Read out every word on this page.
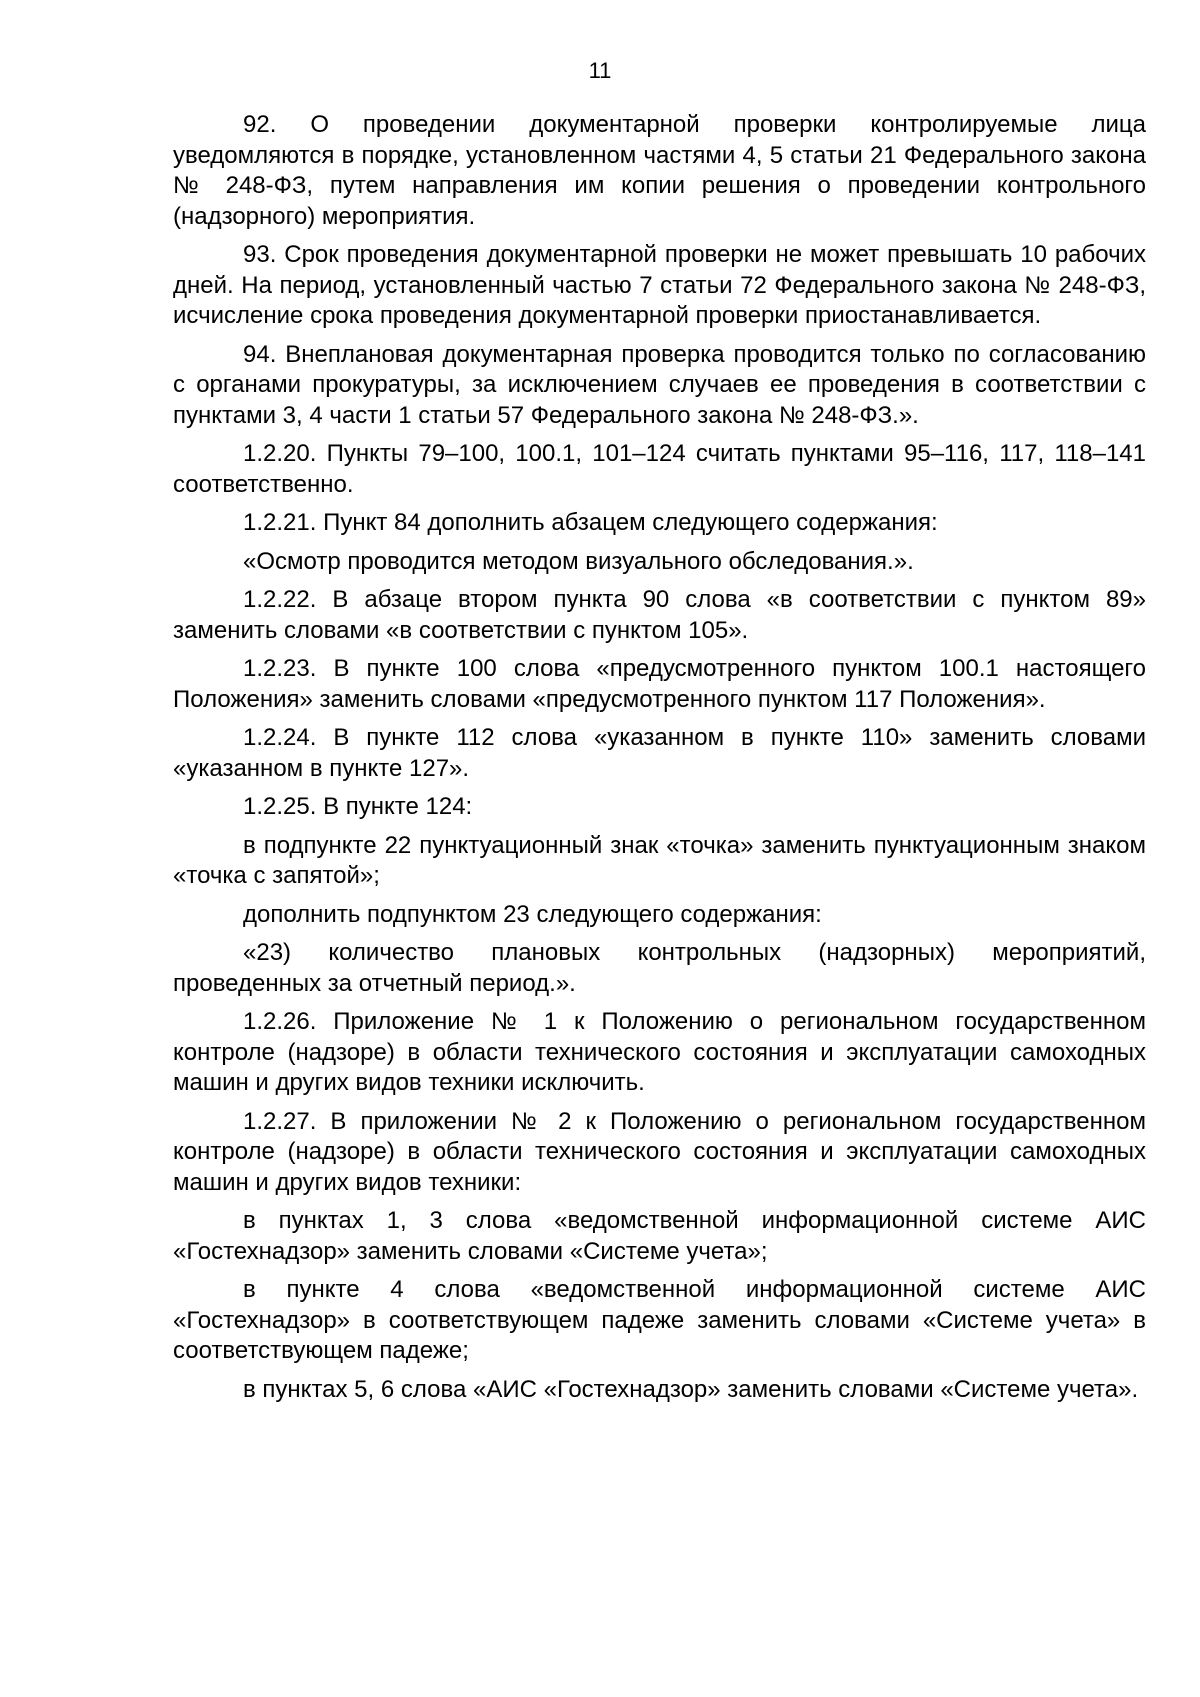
11

92. О проведении документарной проверки контролируемые лица уведомляются в порядке, установленном частями 4, 5 статьи 21 Федерального закона № 248-ФЗ, путем направления им копии решения о проведении контрольного (надзорного) мероприятия.

93. Срок проведения документарной проверки не может превышать 10 рабочих дней. На период, установленный частью 7 статьи 72 Федерального закона № 248-ФЗ, исчисление срока проведения документарной проверки приостанавливается.

94. Внеплановая документарная проверка проводится только по согласованию с органами прокуратуры, за исключением случаев ее проведения в соответствии с пунктами 3, 4 части 1 статьи 57 Федерального закона № 248-ФЗ.».

1.2.20. Пункты 79–100, 100.1, 101–124 считать пунктами 95–116, 117, 118–141 соответственно.

1.2.21. Пункт 84 дополнить абзацем следующего содержания:

«Осмотр проводится методом визуального обследования.».

1.2.22. В абзаце втором пункта 90 слова «в соответствии с пунктом 89» заменить словами «в соответствии с пунктом 105».

1.2.23. В пункте 100 слова «предусмотренного пунктом 100.1 настоящего Положения» заменить словами «предусмотренного пунктом 117 Положения».

1.2.24. В пункте 112 слова «указанном в пункте 110» заменить словами «указанном в пункте 127».

1.2.25. В пункте 124:

в подпункте 22 пунктуационный знак «точка» заменить пунктуационным знаком «точка с запятой»;

дополнить подпунктом 23 следующего содержания:

«23) количество плановых контрольных (надзорных) мероприятий, проведенных за отчетный период.».

1.2.26. Приложение № 1 к Положению о региональном государственном контроле (надзоре) в области технического состояния и эксплуатации самоходных машин и других видов техники исключить.

1.2.27. В приложении № 2 к Положению о региональном государственном контроле (надзоре) в области технического состояния и эксплуатации самоходных машин и других видов техники:

в пунктах 1, 3 слова «ведомственной информационной системе АИС «Гостехнадзор» заменить словами «Системе учета»;

в пункте 4 слова «ведомственной информационной системе АИС «Гостехнадзор» в соответствующем падеже заменить словами «Системе учета» в соответствующем падеже;

в пунктах 5, 6 слова «АИС «Гостехнадзор» заменить словами «Системе учета».
